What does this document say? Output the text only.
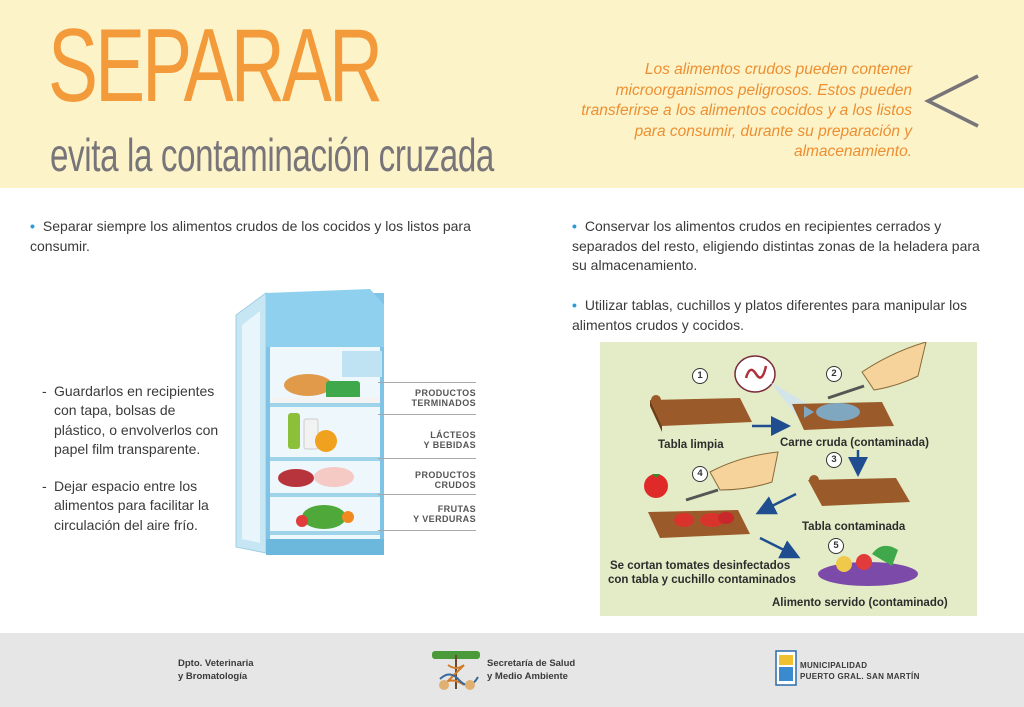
SEPARAR
evita la contaminación cruzada
Los alimentos crudos pueden contener microorganismos peligrosos. Estos pueden transferirse a los alimentos cocidos y a los listos para consumir, durante su preparación y almacenamiento.
• Separar siempre los alimentos crudos de los cocidos y los listos para consumir.
• Conservar los alimentos crudos en recipientes cerrados y separados del resto, eligiendo distintas zonas de la heladera para su almacenamiento.
• Utilizar tablas, cuchillos y platos diferentes para manipular los alimentos crudos y cocidos.
- Guardarlos en recipientes con tapa, bolsas de plástico, o envolverlos con papel film transparente.
- Dejar espacio entre los alimentos para facilitar la circulación del aire frío.
PRODUCTOS
TERMINADOS
LÁCTEOS
Y BEBIDAS
PRODUCTOS
CRUDOS
FRUTAS
Y VERDURAS
1	2
3
4
5
Tabla limpia	Carne cruda (contaminada)
Tabla contaminada
Se cortan tomates desinfectados
con tabla y cuchillo contaminados
Alimento servido (contaminado)
Dpto. Veterinaria
y Bromatología
Secretaría de Salud
y Medio Ambiente
MUNICIPALIDAD
PUERTO GRAL. SAN MARTÍN
